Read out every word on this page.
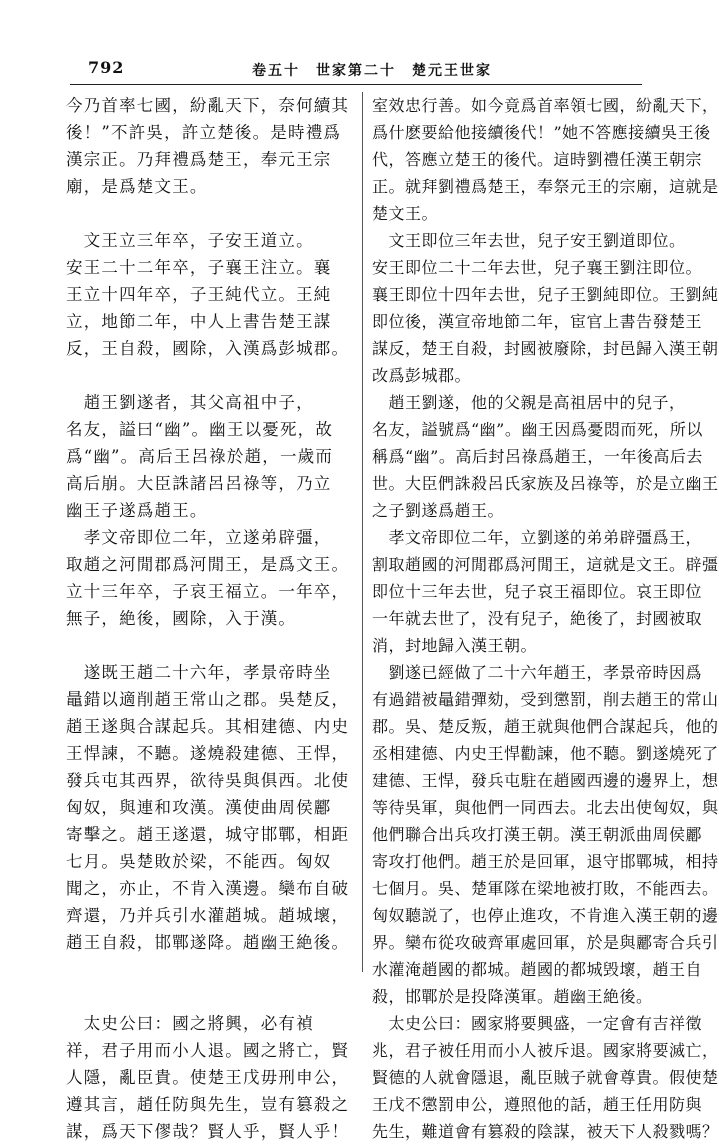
792	卷五十　世家第二十　楚元王世家

今乃首率七國，紛亂天下，奈何續其
後！”不許吳，許立楚後。是時禮爲
漢宗正。乃拜禮爲楚王，奉元王宗
廟，是爲楚文王。

　文王立三年卒，子安王道立。
安王二十二年卒，子襄王注立。襄
王立十四年卒，子王純代立。王純
立，地節二年，中人上書告楚王謀
反，王自殺，國除，入漢爲彭城郡。

　趙王劉遂者，其父高祖中子，
名友，謚曰“幽”。幽王以憂死，故
爲“幽”。高后王呂祿於趙，一歲而
高后崩。大臣誅諸呂呂祿等，乃立
幽王子遂爲趙王。

　孝文帝即位二年，立遂弟辟彊，
取趙之河閒郡爲河閒王，是爲文王。
立十三年卒，子哀王福立。一年卒，
無子，絶後，國除，入于漢。

　遂既王趙二十六年，孝景帝時坐
鼂錯以適削趙王常山之郡。吳楚反，
趙王遂與合謀起兵。其相建德、内史
王悍諫，不聽。遂燒殺建德、王悍，
發兵屯其西界，欲待吳與俱西。北使
匈奴，與連和攻漢。漢使曲周侯酈
寄擊之。趙王遂還，城守邯鄲，相距
七月。吳楚敗於梁，不能西。匈奴
聞之，亦止，不肯入漢邊。欒布自破
齊還，乃并兵引水灌趙城。趙城壞，
趙王自殺，邯鄲遂降。趙幽王絶後。

　太史公曰：國之將興，必有禎
祥，君子用而小人退。國之將亡，賢
人隱，亂臣貴。使楚王戊毋刑申公，
遵其言，趙任防與先生，豈有篡殺之
謀，爲天下僇哉？賢人乎，賢人乎！

室效忠行善。如今竟爲首率領七國，紛亂天下，
爲什麽要給他接續後代！”她不答應接續吳王後
代，答應立楚王的後代。這時劉禮任漢王朝宗
正。就拜劉禮爲楚王，奉祭元王的宗廟，這就是
楚文王。

　文王即位三年去世，兒子安王劉道即位。
安王即位二十二年去世，兒子襄王劉注即位。
襄王即位十四年去世，兒子王劉純即位。王劉純
即位後，漢宣帝地節二年，宦官上書告發楚王
謀反，楚王自殺，封國被廢除，封邑歸入漢王朝
改爲彭城郡。

　趙王劉遂，他的父親是高祖居中的兒子，
名友，謚號爲“幽”。幽王因爲憂悶而死，所以
稱爲“幽”。高后封呂祿爲趙王，一年後高后去
世。大臣們誅殺呂氏家族及呂祿等，於是立幽王
之子劉遂爲趙王。

　孝文帝即位二年，立劉遂的弟弟辟彊爲王，
割取趙國的河閒郡爲河閒王，這就是文王。辟彊
即位十三年去世，兒子哀王福即位。哀王即位
一年就去世了，没有兒子，絶後了，封國被取
消，封地歸入漢王朝。

　劉遂已經做了二十六年趙王，孝景帝時因爲
有過錯被鼂錯彈劾，受到懲罰，削去趙王的常山
郡。吳、楚反叛，趙王就與他們合謀起兵，他的
丞相建德、内史王悍勸諫，他不聽。劉遂燒死了
建德、王悍，發兵屯駐在趙國西邊的邊界上，想
等待吳軍，與他們一同西去。北去出使匈奴，與
他們聯合出兵攻打漢王朝。漢王朝派曲周侯酈
寄攻打他們。趙王於是回軍，退守邯鄲城，相持
七個月。吳、楚軍隊在梁地被打敗，不能西去。
匈奴聽説了，也停止進攻，不肯進入漢王朝的邊
界。欒布從攻破齊軍處回軍，於是與酈寄合兵引
水灌淹趙國的都城。趙國的都城毁壞，趙王自
殺，邯鄲於是投降漢軍。趙幽王絶後。

　太史公曰：國家將要興盛，一定會有吉祥徵
兆，君子被任用而小人被斥退。國家將要滅亡，
賢德的人就會隱退，亂臣賊子就會尊貴。假使楚
王戊不懲罰申公，遵照他的話，趙王任用防與
先生，難道會有篡殺的陰謀，被天下人殺戮嗎？
